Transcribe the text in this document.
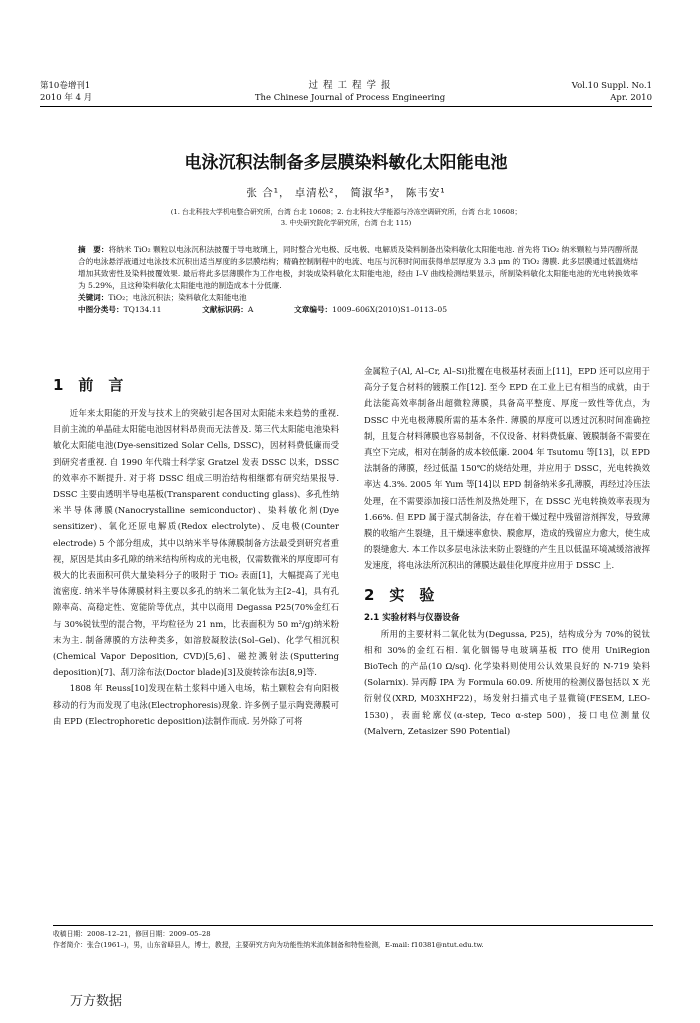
第10卷增刊1
2010 年 4 月
过 程 工 程 学 报
The Chinese Journal of Process Engineering
Vol.10 Suppl. No.1
Apr. 2010
电泳沉积法制备多层膜染料敏化太阳能电池
张 合¹， 卓清松²， 简淑华³， 陈韦安¹
(1. 台北科技大学机电整合研究所，台湾 台北 10608；2. 台北科技大学能源与冷冻空调研究所，台湾 台北 10608；
3. 中央研究院化学研究所，台湾 台北 115)
摘　要：将纳米 TiO₂ 颗粒以电泳沉积法披覆于导电玻璃上，同时整合光电极、反电极、电解质及染料制备出染料敏化太阳能电池. 首先将 TiO₂ 纳米颗粒与异丙醇所混合的电泳悬浮液通过电泳技术沉积出适当厚度的多层膜结构；精确控制制程中的电流、电压与沉积时间而获得单层厚度为 3.3 μm 的 TiO₂ 薄膜. 此多层膜通过低温烧结增加其致密性及染料披覆效果. 最后将此多层薄膜作为工作电极，封装成染料敏化太阳能电池，经由 I–V 曲线检测结果显示，所制染料敏化太阳能电池的光电转换效率为 5.29%，且这种染料敏化太阳能电池的制造成本十分低廉.
关键词：TiO₂；电泳沉积法；染料敏化太阳能电池
中图分类号：TQ134.11	文献标识码：A	文章编号：1009–606X(2010)S1–0113–05
1　前　言

近年来太阳能的开发与技术上的突破引起各国对太阳能未来趋势的重视. 目前主流的单晶硅太阳能电池因材料昂贵而无法普及. 第三代太阳能电池染料敏化太阳能电池(Dye-sensitized Solar Cells, DSSC)，因材料费低廉而受到研究者重视. 自 1990 年代瑞士科学家 Gratzel 发表 DSSC 以来，DSSC 的效率亦不断提升. 对于将 DSSC 组成三明治结构相继都有研究结果报导. DSSC 主要由透明半导电基板(Transparent conducting glass)、多孔性纳米半导体薄膜(Nanocrystalline semiconductor)、染料敏化剂(Dye sensitizer)、氧化还原电解质(Redox electrolyte)、反电极(Counter electrode) 5 个部分组成，其中以纳米半导体薄膜制备方法最受到研究者重视，原因是其由多孔隙的纳米结构所构成的光电极，仅需数微米的厚度即可有极大的比表面积可供大量染料分子的吸附于 TiO₂ 表面[1]，大幅提高了光电流密度. 纳米半导体薄膜材料主要以多孔的纳米二氧化钛为主[2–4]，具有孔隙率高、高稳定性、宽能阶等优点，其中以商用 Degassa P25(70%金红石与 30%锐钛型的混合物，平均粒径为 21 nm，比表面积为 50 m²/g)纳米粉末为主. 制备薄膜的方法种类多，如溶胶凝胶法(Sol–Gel)、化学气相沉积(Chemical Vapor Deposition, CVD)[5,6]、磁控溅射法(Sputtering deposition)[7]、刮刀涂布法(Doctor blade)[3]及旋转涂布法[8,9]等.

1808 年 Reuss[10]发现在粘土浆料中通入电场，粘土颗粒会有向阳极移动的行为而发现了电泳(Electrophoresis)现象. 许多例子显示陶瓷薄膜可由 EPD (Electrophoretic deposition)法制作而成. 另外除了可将

金属粒子(Al, Al–Cr, Al–Si)批覆在电极基材表面上[11]，EPD 还可以应用于高分子复合材料的镀膜工作[12]. 至今 EPD 在工业上已有相当的成就，由于此法能高效率制备出超微粒薄膜，具备高平整度、厚度一致性等优点，为 DSSC 中光电极薄膜所需的基本条件. 薄膜的厚度可以透过沉积时间准确控制，且复合材料薄膜也容易制备，不仅设备、材料费低廉、镀膜制备不需要在真空下完成，相对在制备的成本较低廉. 2004 年 Tsutomu 等[13]，以 EPD 法制备的薄膜，经过低温 150℃的烧结处理，并应用于 DSSC，光电转换效率达 4.3%. 2005 年 Yum 等[14]以 EPD 制备纳米多孔薄膜，再经过冷压法处理，在不需要添加接口活性剂及热处理下，在 DSSC 光电转换效率表现为 1.66%. 但 EPD 属于湿式制备法，存在着干燥过程中残留溶剂挥发，导致薄膜的收缩产生裂缝，且干燥速率愈快、膜愈厚，造成的残留应力愈大，使生成的裂缝愈大. 本工作以多层电泳法来防止裂缝的产生且以低温环境减缓溶液挥发速度，将电泳法所沉积出的薄膜达最佳化厚度并应用于 DSSC 上.

2　实　验
2.1 实验材料与仪器设备

所用的主要材料二氧化钛为(Degussa, P25)，结构成分为 70%的锐钛相和 30%的金红石相. 氧化铟锡导电玻璃基板 ITO 使用 UniRegion BioTech 的产品(10 Ω/sq). 化学染料则使用公认效果良好的 N-719 染料(Solarnix). 异丙醇 IPA 为 Formula 60.09. 所使用的检测仪器包括以 X 光衍射仪(XRD, M03XHF22)，场发射扫描式电子显微镜(FESEM, LEO-1530)，表面轮廓仪(α-step, Teco α-step 500)，接口电位测量仪(Malvern, Zetasizer S90 Potential)

收稿日期：2008–12–21，修回日期：2009–05–28
作者简介：张合(1961–)，男，山东省峄县人，博士，教授，主要研究方向为功能性纳米流体制备和特性检测，E-mail: f10381@ntut.edu.tw.
万方数据
